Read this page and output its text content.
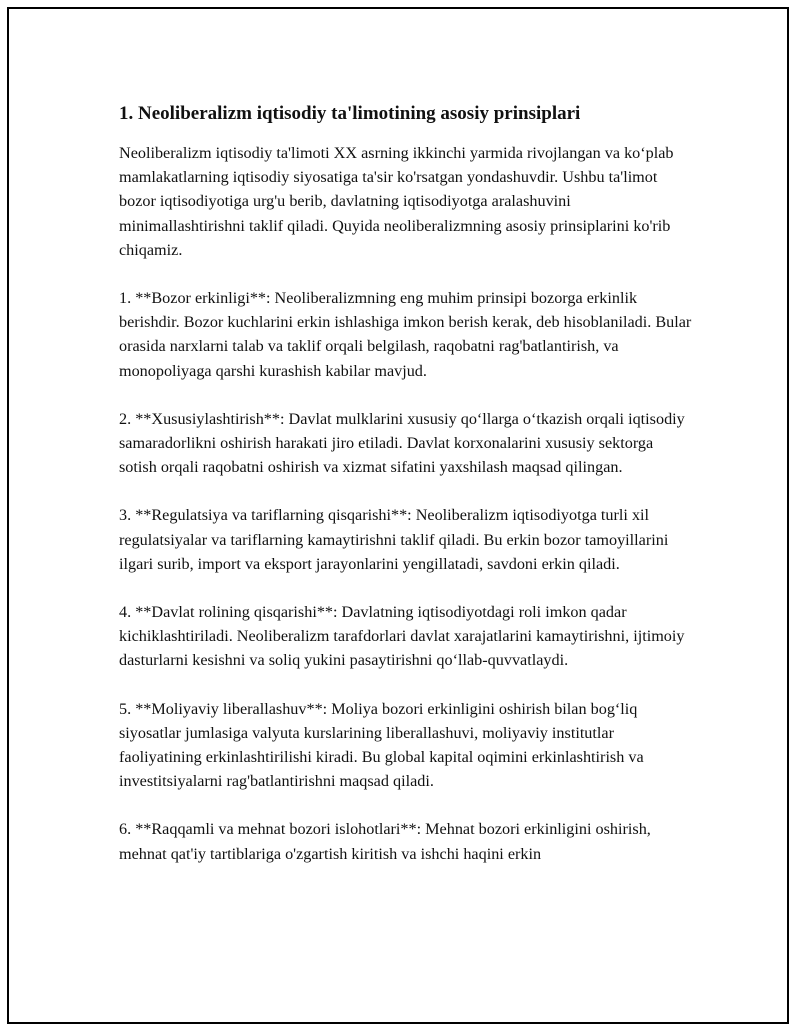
1. Neoliberalizm iqtisodiy ta'limotining asosiy prinsiplari

Neoliberalizm iqtisodiy ta'limoti XX asrning ikkinchi yarmida rivojlangan va ko‘plab mamlakatlarning iqtisodiy siyosatiga ta'sir ko'rsatgan yondashuvdir. Ushbu ta'limot bozor iqtisodiyotiga urg'u berib, davlatning iqtisodiyotga aralashuvini minimallashtirishni taklif qiladi. Quyida neoliberalizmning asosiy prinsiplarini ko'rib chiqamiz.

1. **Bozor erkinligi**: Neoliberalizmning eng muhim prinsipi bozorga erkinlik berishdir. Bozor kuchlarini erkin ishlashiga imkon berish kerak, deb hisoblaniladi. Bular orasida narxlarni talab va taklif orqali belgilash, raqobatni rag'batlantirish, va monopoliyaga qarshi kurashish kabilar mavjud.

2. **Xususiylashtirish**: Davlat mulklarini xususiy qo‘llarga o‘tkazish orqali iqtisodiy samaradorlikni oshirish harakati jiro etiladi. Davlat korxonalarini xususiy sektorga sotish orqali raqobatni oshirish va xizmat sifatini yaxshilash maqsad qilingan.

3. **Regulatsiya va tariflarning qisqarishi**: Neoliberalizm iqtisodiyotga turli xil regulatsiyalar va tariflarning kamaytirishni taklif qiladi. Bu erkin bozor tamoyillarini ilgari surib, import va eksport jarayonlarini yengillatadi, savdoni erkin qiladi.

4. **Davlat rolining qisqarishi**: Davlatning iqtisodiyotdagi roli imkon qadar kichiklashtiriladi. Neoliberalizm tarafdorlari davlat xarajatlarini kamaytirishni, ijtimoiy dasturlarni kesishni va soliq yukini pasaytirishni qo‘llab-quvvatlaydi.

5. **Moliyaviy liberallashuv**: Moliya bozori erkinligini oshirish bilan bog‘liq siyosatlar jumlasiga valyuta kurslarining liberallashuvi, moliyaviy institutlar faoliyatining erkinlashtirilishi kiradi. Bu global kapital oqimini erkinlashtirish va investitsiyalarni rag'batlantirishni maqsad qiladi.

6. **Raqqamli va mehnat bozori islohotlari**: Mehnat bozori erkinligini oshirish, mehnat qat'iy tartiblariga o'zgartish kiritish va ishchi haqini erkin
